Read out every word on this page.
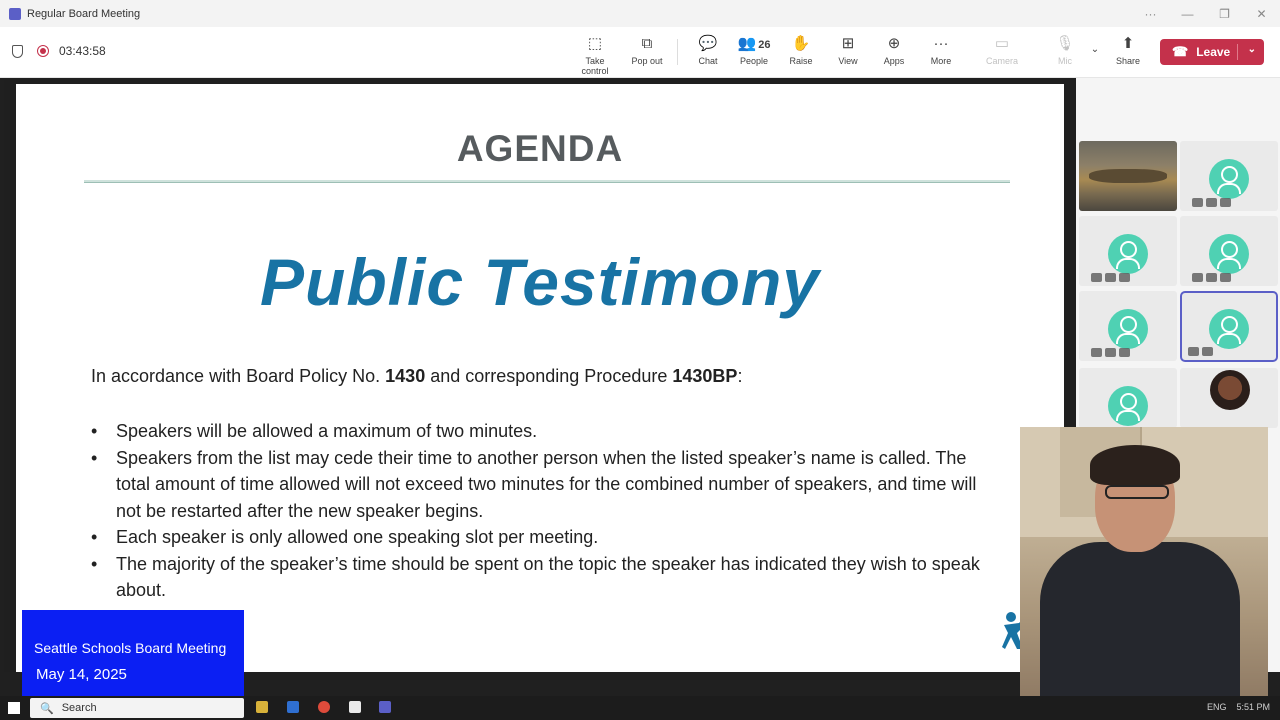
Regular Board Meeting	···	—	❐	✕
03:43:58	⬚
Take control
⧉
Pop out
💬
Chat
👥 26
People
✋
Raise
⊞
View
⊕
Apps
···
More
▭
Camera
🎙
Mic
⌄	⬆
Share
☎ Leave ⌄
AGENDA
Public Testimony
In accordance with Board Policy No. 1430 and corresponding Procedure 1430BP:
• Speakers will be allowed a maximum of two minutes.
• Speakers from the list may cede their time to another person when the listed speaker’s name is called. The total amount of time allowed will not exceed two minutes for the combined number of speakers, and time will not be restarted after the new speaker begins.
• Each speaker is only allowed one speaking slot per meeting.
• The majority of the speaker’s time should be spent on the topic the speaker has indicated they wish to speak about.
Seattle Schools Board Meeting
May 14, 2025
🔍 Search	ENG 5:51 PM
